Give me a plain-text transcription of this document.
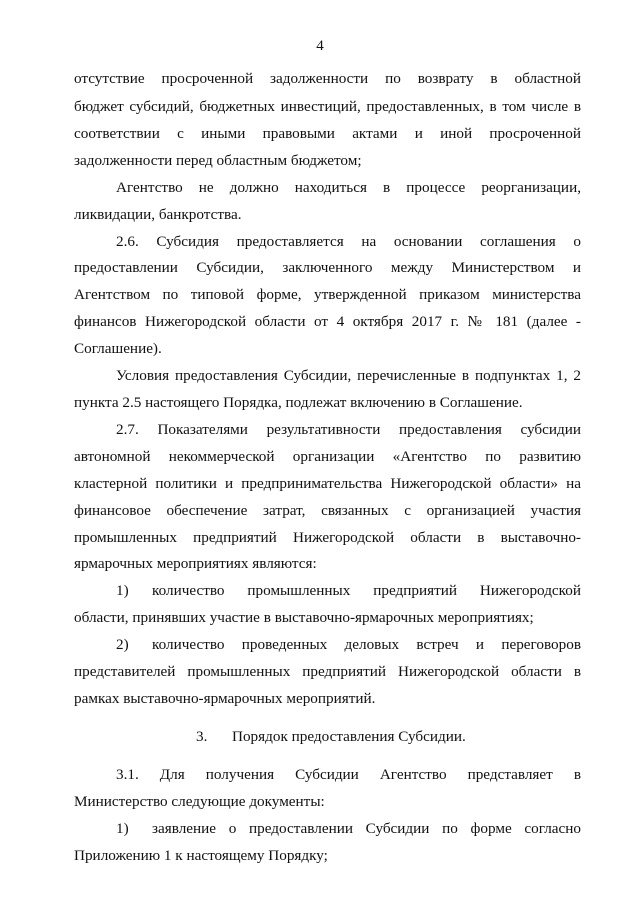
4
отсутствие просроченной задолженности по возврату в областной
бюджет субсидий, бюджетных инвестиций, предоставленных, в том числе в
соответствии с иными правовыми актами и иной просроченной
задолженности перед областным бюджетом;
Агентство не должно находиться в процессе реорганизации,
ликвидации, банкротства.
2.6. Субсидия предоставляется на основании соглашения о
предоставлении Субсидии, заключенного между Министерством и
Агентством по типовой форме, утвержденной приказом министерства
финансов Нижегородской области от 4 октября 2017 г. № 181 (далее -
Соглашение).
Условия предоставления Субсидии, перечисленные в подпунктах 1, 2
пункта 2.5 настоящего Порядка, подлежат включению в Соглашение.
2.7. Показателями результативности предоставления субсидии
автономной некоммерческой организации «Агентство по развитию
кластерной политики и предпринимательства Нижегородской области» на
финансовое обеспечение затрат, связанных с организацией участия
промышленных предприятий Нижегородской области в выставочно-
ярмарочных мероприятиях являются:
1) количество промышленных предприятий Нижегородской
области, принявших участие в выставочно-ярмарочных мероприятиях;
2) количество проведенных деловых встреч и переговоров
представителей промышленных предприятий Нижегородской области в
рамках выставочно-ярмарочных мероприятий.
3. Порядок предоставления Субсидии.
3.1. Для получения Субсидии Агентство представляет в
Министерство следующие документы:
1) заявление о предоставлении Субсидии по форме согласно
Приложению 1 к настоящему Порядку;
